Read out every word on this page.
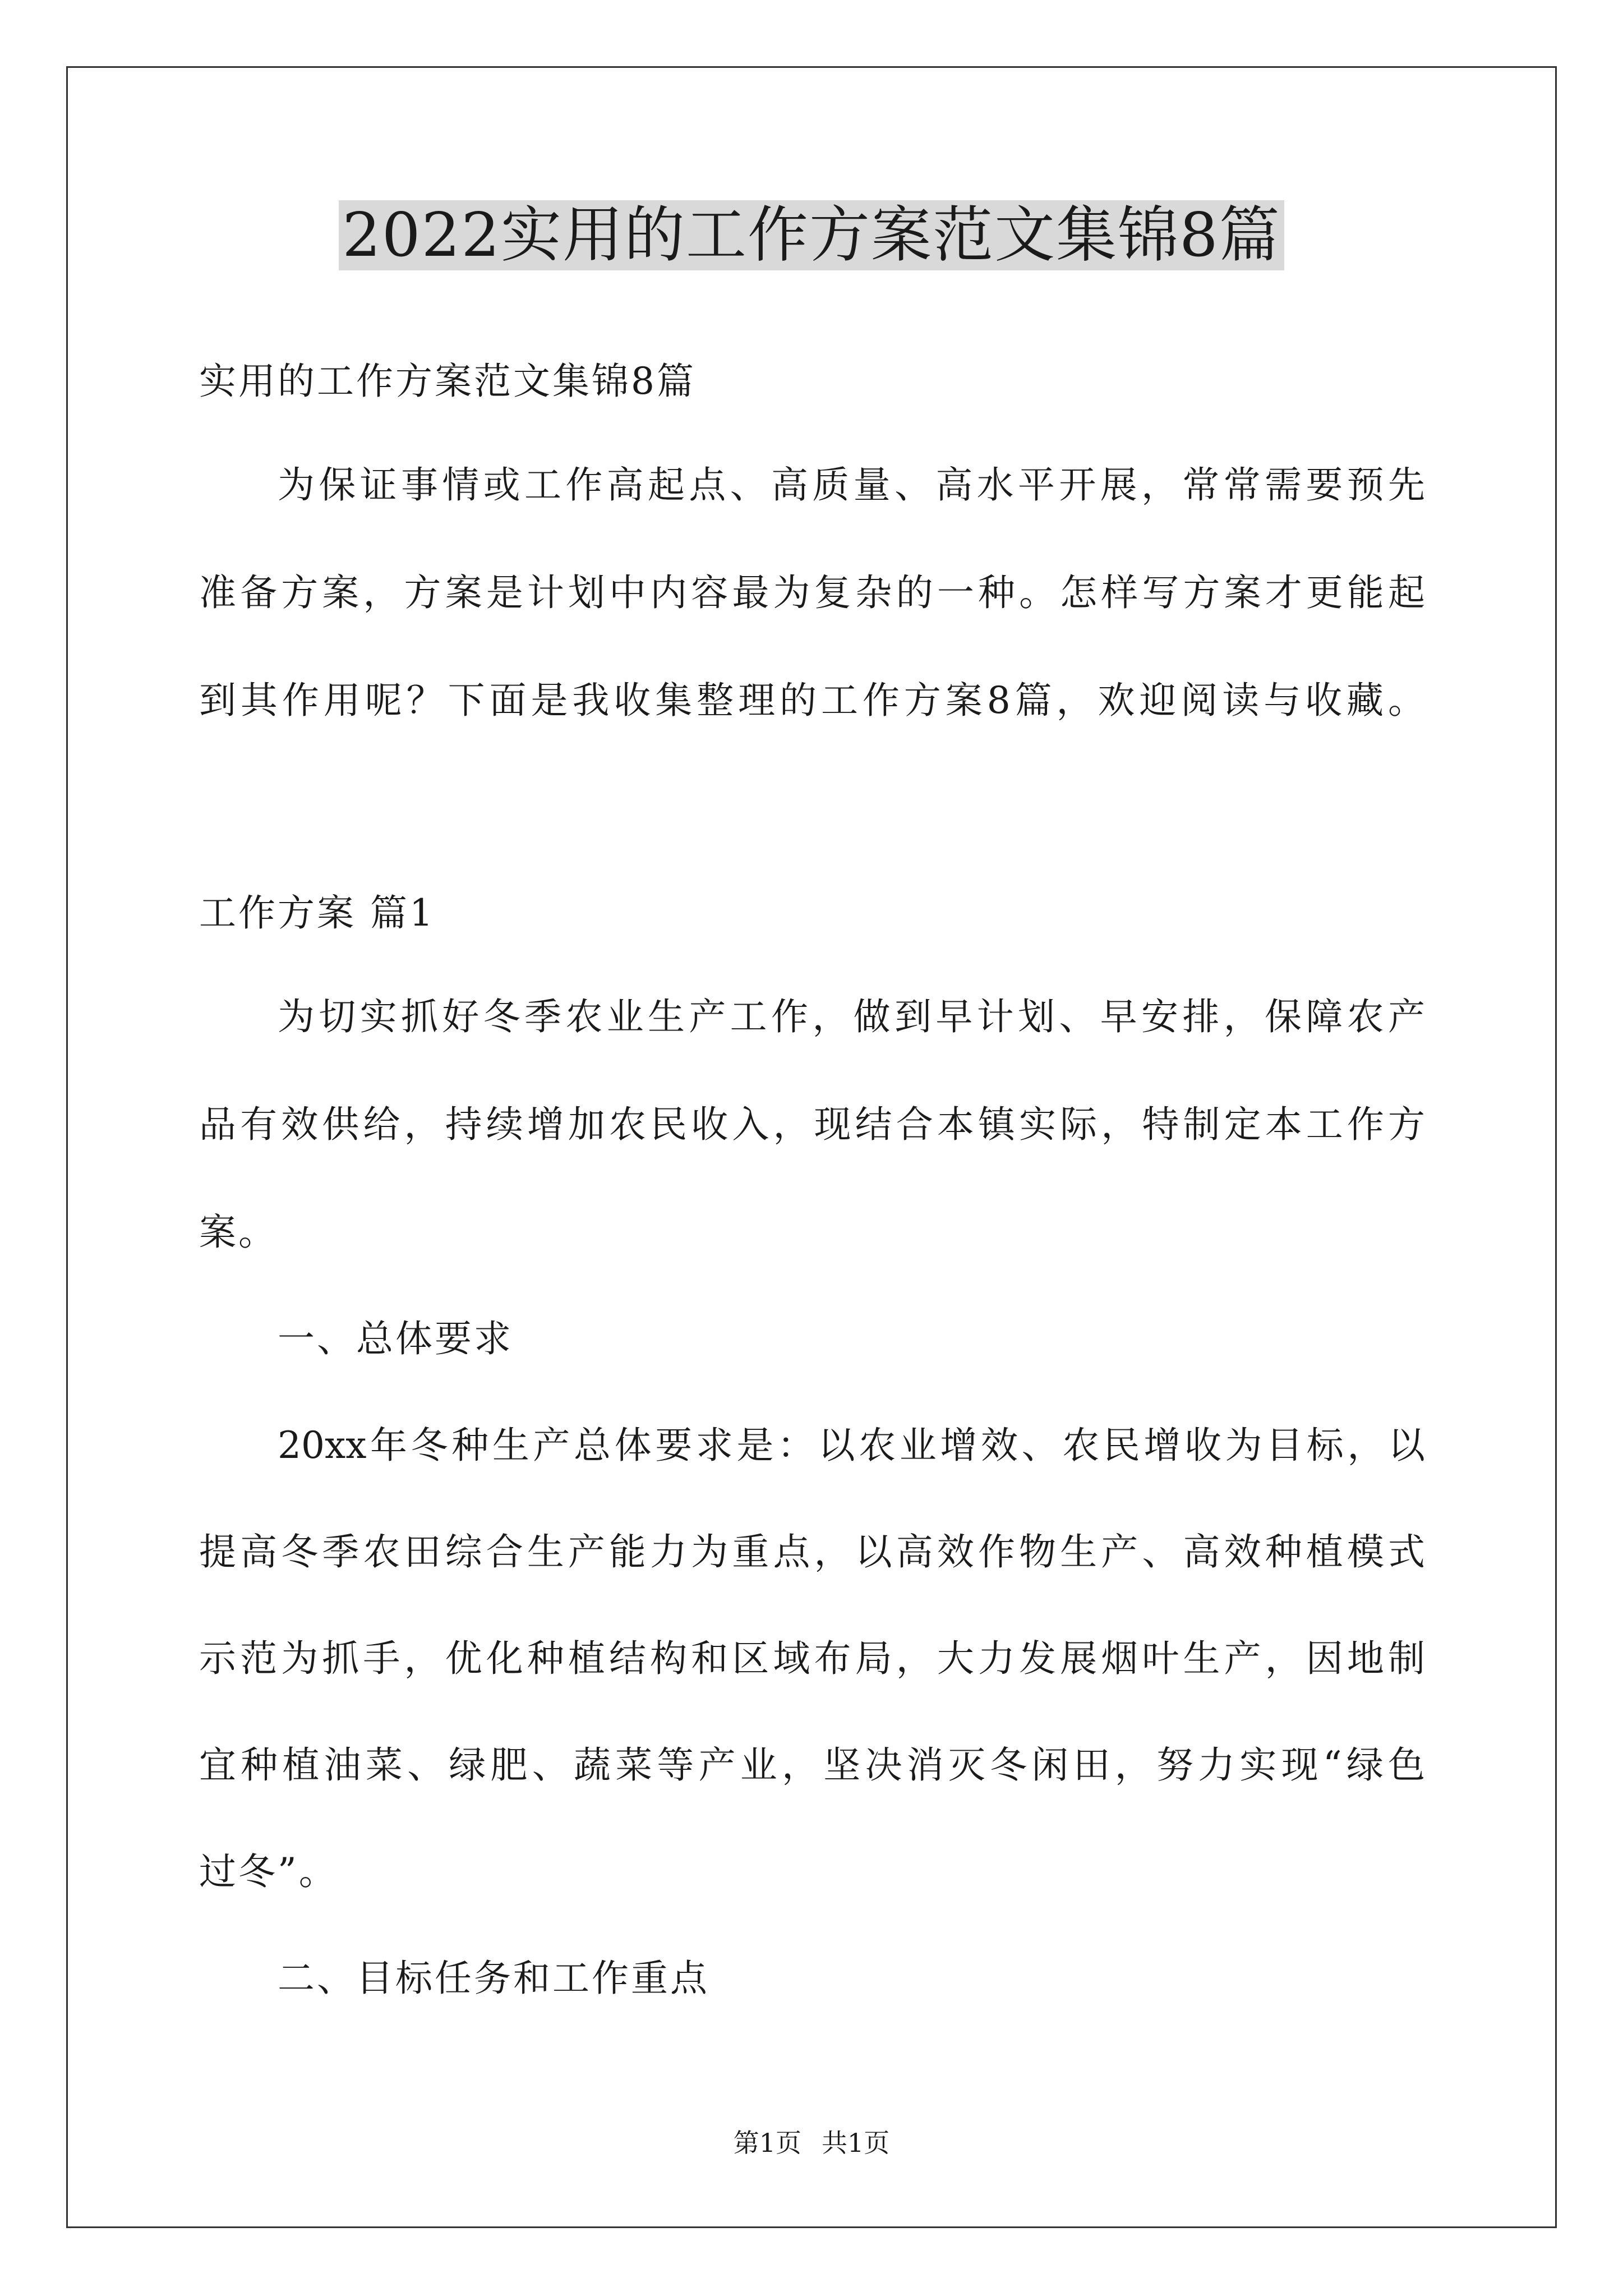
2022实用的工作方案范文集锦8篇
实用的工作方案范文集锦8篇
为保证事情或工作高起点、高质量、高水平开展，常常需要预先
准备方案，方案是计划中内容最为复杂的一种。怎样写方案才更能起
到其作用呢？下面是我收集整理的工作方案8篇，欢迎阅读与收藏。
工作方案 篇1
为切实抓好冬季农业生产工作，做到早计划、早安排，保障农产
品有效供给，持续增加农民收入，现结合本镇实际，特制定本工作方
案。
一、总体要求
20xx年冬种生产总体要求是：以农业增效、农民增收为目标，以
提高冬季农田综合生产能力为重点，以高效作物生产、高效种植模式
示范为抓手，优化种植结构和区域布局，大力发展烟叶生产，因地制
宜种植油菜、绿肥、蔬菜等产业，坚决消灭冬闲田，努力实现“绿色
过冬”。
二、目标任务和工作重点
第1页 共1页
